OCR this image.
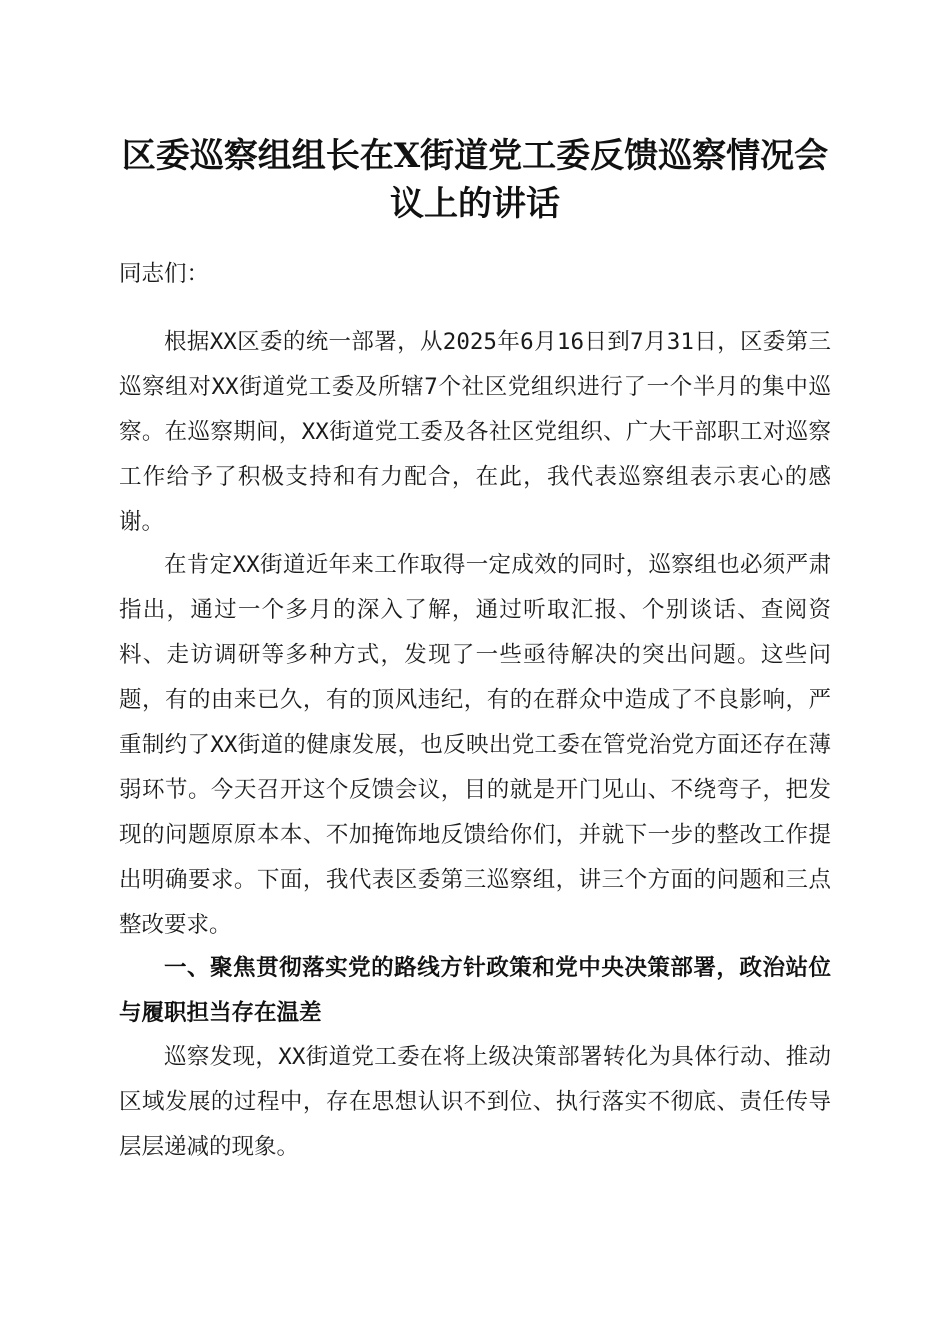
区委巡察组组长在X街道党工委反馈巡察情况会议上的讲话

同志们：

根据XX区委的统一部署，从2025年6月16日到7月31日，区委第三巡察组对XX街道党工委及所辖7个社区党组织进行了一个半月的集中巡察。在巡察期间，XX街道党工委及各社区党组织、广大干部职工对巡察工作给予了积极支持和有力配合，在此，我代表巡察组表示衷心的感谢。

在肯定XX街道近年来工作取得一定成效的同时，巡察组也必须严肃指出，通过一个多月的深入了解，通过听取汇报、个别谈话、查阅资料、走访调研等多种方式，发现了一些亟待解决的突出问题。这些问题，有的由来已久，有的顶风违纪，有的在群众中造成了不良影响，严重制约了XX街道的健康发展，也反映出党工委在管党治党方面还存在薄弱环节。今天召开这个反馈会议，目的就是开门见山、不绕弯子，把发现的问题原原本本、不加掩饰地反馈给你们，并就下一步的整改工作提出明确要求。下面，我代表区委第三巡察组，讲三个方面的问题和三点整改要求。

一、聚焦贯彻落实党的路线方针政策和党中央决策部署，政治站位与履职担当存在温差

巡察发现，XX街道党工委在将上级决策部署转化为具体行动、推动区域发展的过程中，存在思想认识不到位、执行落实不彻底、责任传导层层递减的现象。
